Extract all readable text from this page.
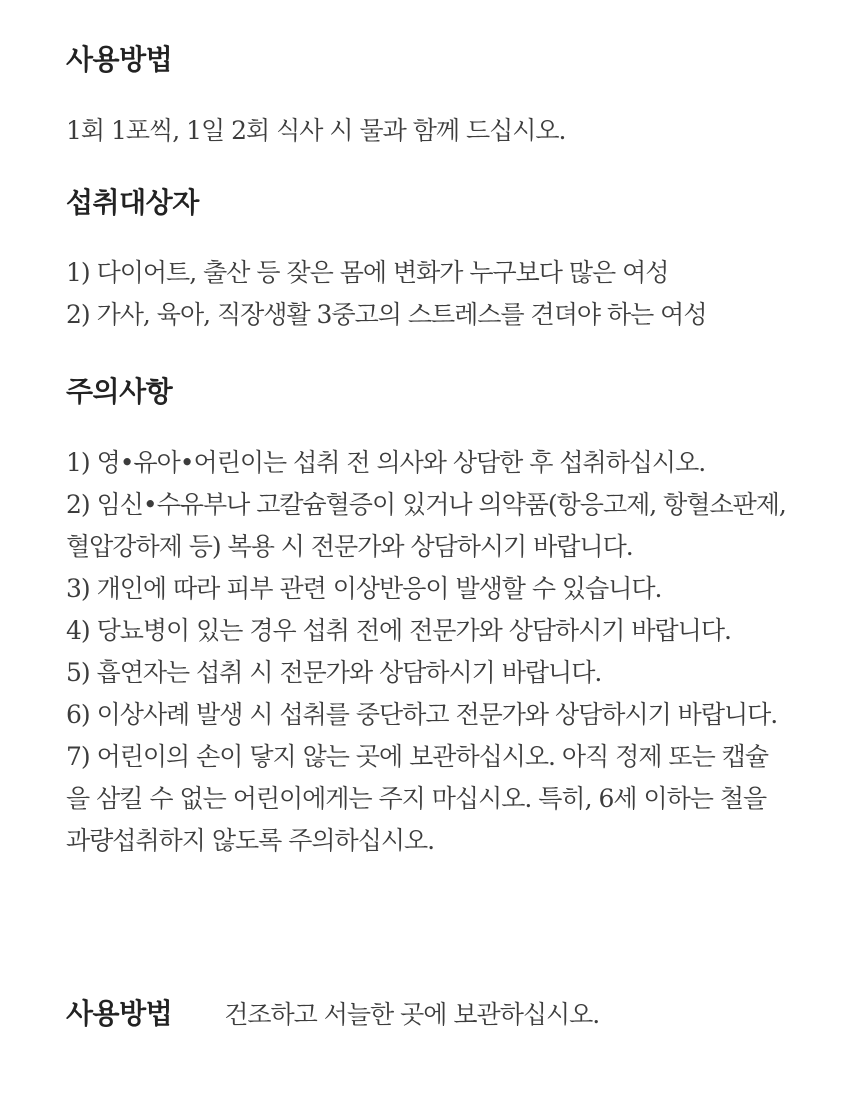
사용방법

1회 1포씩, 1일 2회 식사 시 물과 함께 드십시오.

섭취대상자
1) 다이어트, 출산 등 잦은 몸에 변화가 누구보다 많은 여성
2) 가사, 육아, 직장생활 3중고의 스트레스를 견뎌야 하는 여성
주의사항
1) 영•유아•어린이는 섭취 전 의사와 상담한 후 섭취하십시오.
2) 임신•수유부나 고칼슘혈증이 있거나 의약품(항응고제, 항혈소판제, 혈압강하제 등) 복용 시 전문가와 상담하시기 바랍니다.
3) 개인에 따라 피부 관련 이상반응이 발생할 수 있습니다.
4) 당뇨병이 있는 경우 섭취 전에 전문가와 상담하시기 바랍니다.
5) 흡연자는 섭취 시 전문가와 상담하시기 바랍니다.
6) 이상사례 발생 시 섭취를 중단하고 전문가와 상담하시기 바랍니다.
7) 어린이의 손이 닿지 않는 곳에 보관하십시오. 아직 정제 또는 캡슐을 삼킬 수 없는 어린이에게는 주지 마십시오. 특히, 6세 이하는 철을 과량섭취하지 않도록 주의하십시오.
사용방법 건조하고 서늘한 곳에 보관하십시오.
